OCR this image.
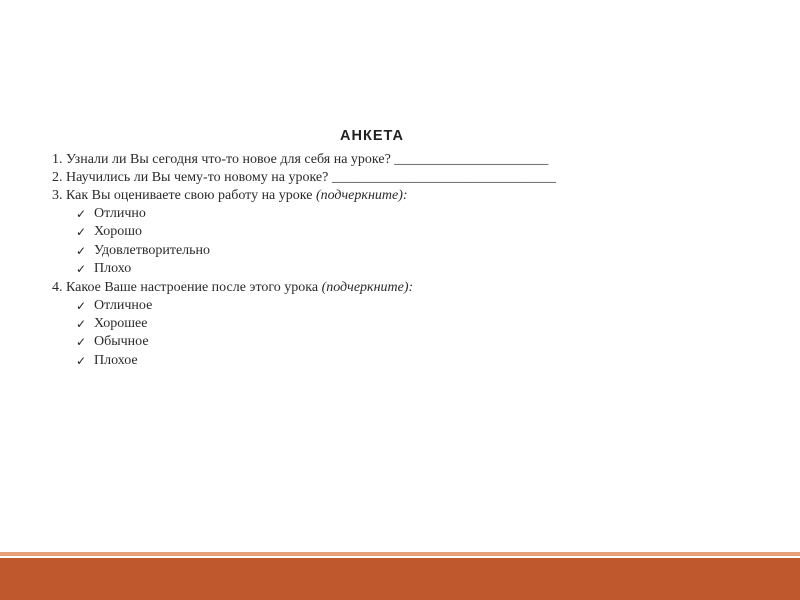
АНКЕТА
1. Узнали ли Вы сегодня что-то новое для себя на уроке? ______________________
2. Научились ли Вы чему-то новому на уроке? ________________________________
3. Как Вы оцениваете свою работу на уроке (подчеркните):
✓ Отлично
✓ Хорошо
✓ Удовлетворительно
✓ Плохо
4. Какое Ваше настроение после этого урока (подчеркните):
✓ Отличное
✓ Хорошее
✓ Обычное
✓ Плохое
